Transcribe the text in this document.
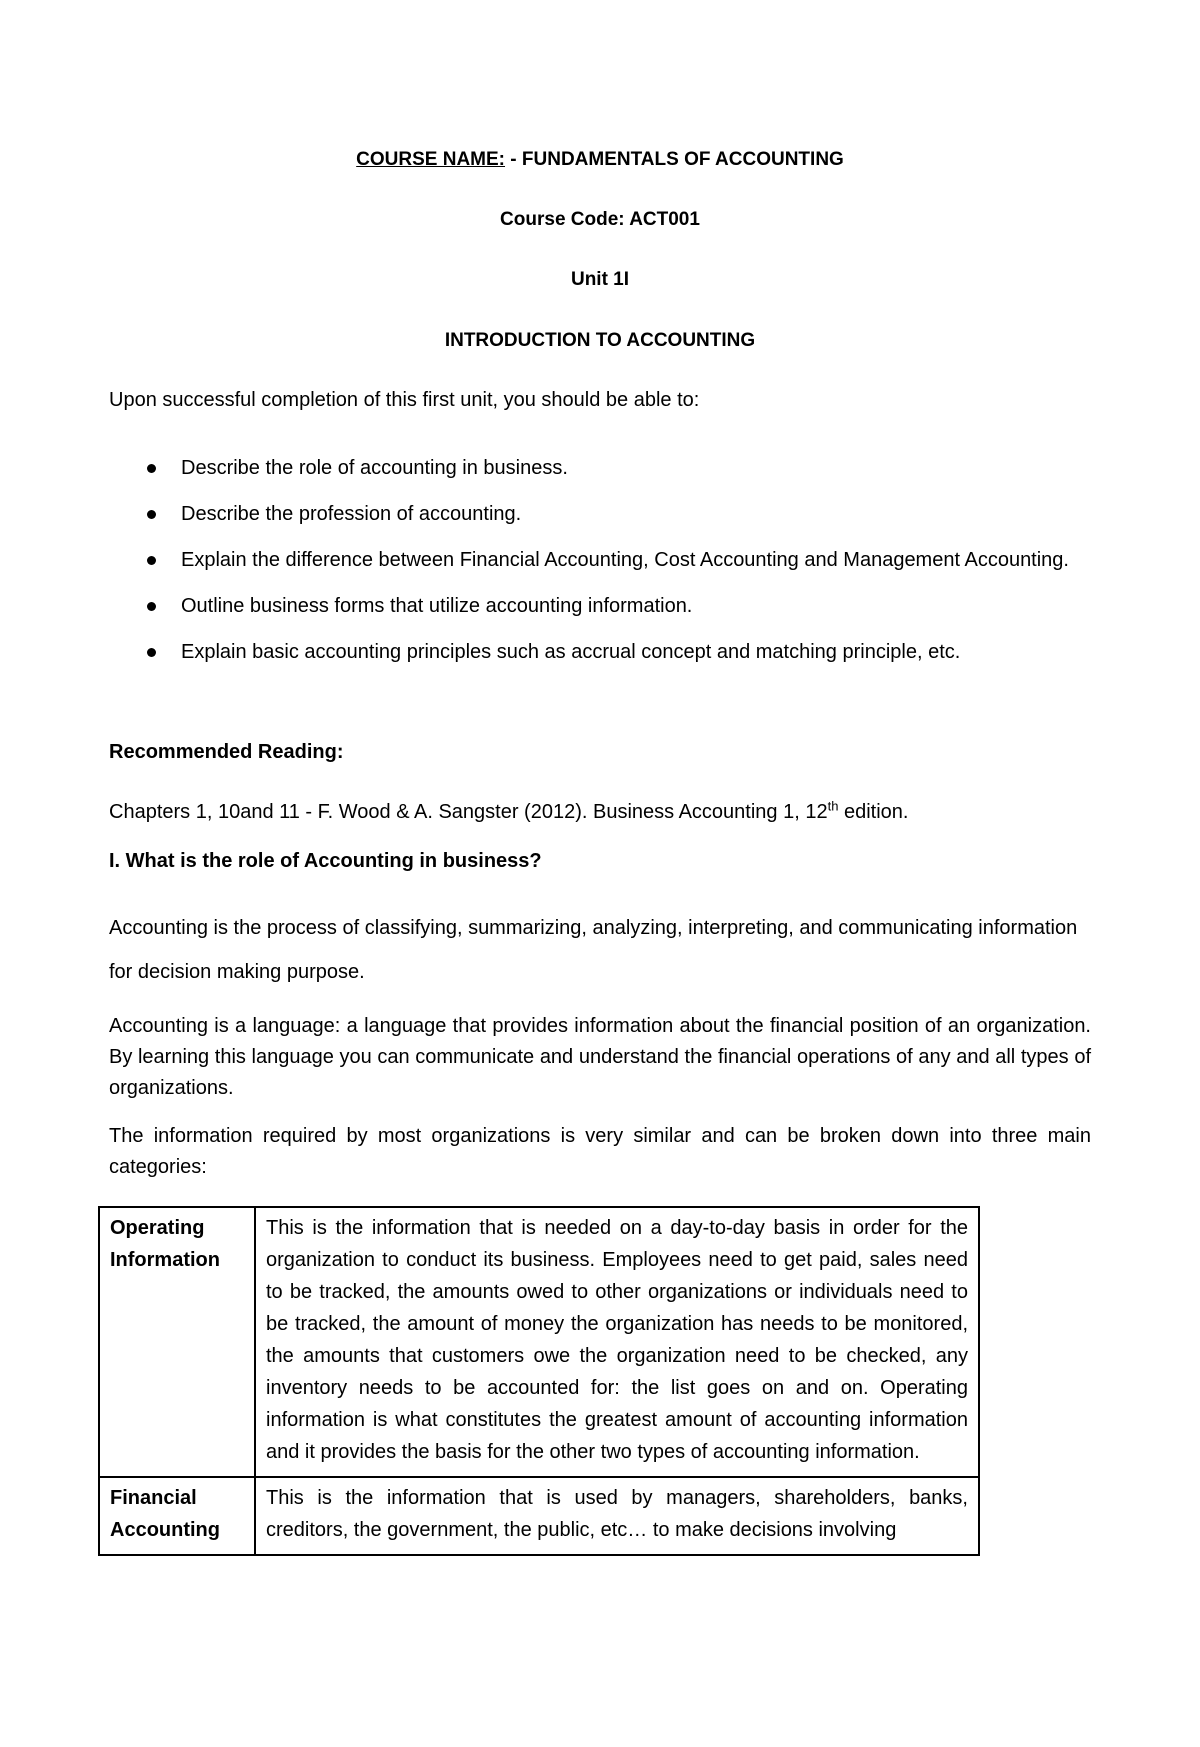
COURSE NAME: - FUNDAMENTALS OF ACCOUNTING
Course Code: ACT001
Unit 1I
INTRODUCTION TO ACCOUNTING
Upon successful completion of this first unit, you should be able to:
Describe the role of accounting in business.
Describe the profession of accounting.
Explain the difference between Financial Accounting, Cost Accounting and Management Accounting.
Outline business forms that utilize accounting information.
Explain basic accounting principles such as accrual concept and matching principle, etc.
Recommended Reading:
Chapters 1, 10and 11 - F. Wood & A. Sangster (2012). Business Accounting 1, 12th edition.
I. What is the role of Accounting in business?
Accounting is the process of classifying, summarizing, analyzing, interpreting, and communicating information for decision making purpose.
Accounting is a language: a language that provides information about the financial position of an organization. By learning this language you can communicate and understand the financial operations of any and all types of organizations.
The information required by most organizations is very similar and can be broken down into three main categories:
Operating Information	This is the information that is needed on a day-to-day basis in order for the organization to conduct its business. Employees need to get paid, sales need to be tracked, the amounts owed to other organizations or individuals need to be tracked, the amount of money the organization has needs to be monitored, the amounts that customers owe the organization need to be checked, any inventory needs to be accounted for: the list goes on and on. Operating information is what constitutes the greatest amount of accounting information and it provides the basis for the other two types of accounting information.
Financial Accounting	This is the information that is used by managers, shareholders, banks, creditors, the government, the public, etc… to make decisions involving
